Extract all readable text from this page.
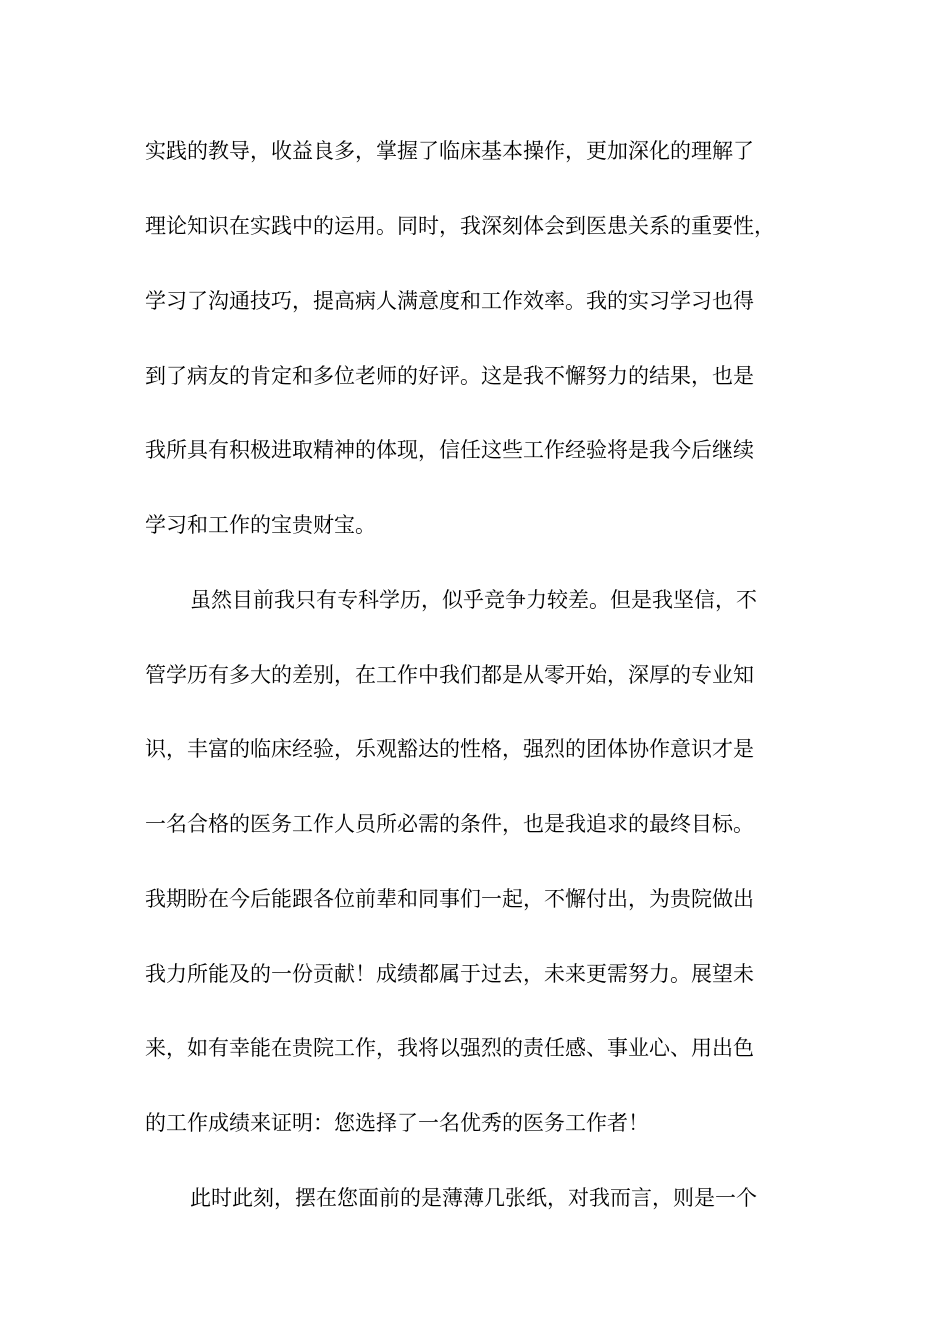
实践的教导，收益良多，掌握了临床基本操作，更加深化的理解了
理论知识在实践中的运用。同时，我深刻体会到医患关系的重要性，
学习了沟通技巧，提高病人满意度和工作效率。我的实习学习也得
到了病友的肯定和多位老师的好评。这是我不懈努力的结果，也是
我所具有积极进取精神的体现，信任这些工作经验将是我今后继续
学习和工作的宝贵财宝。
虽然目前我只有专科学历，似乎竞争力较差。但是我坚信，不
管学历有多大的差别，在工作中我们都是从零开始，深厚的专业知
识，丰富的临床经验，乐观豁达的性格，强烈的团体协作意识才是
一名合格的医务工作人员所必需的条件，也是我追求的最终目标。
我期盼在今后能跟各位前辈和同事们一起，不懈付出，为贵院做出
我力所能及的一份贡献！成绩都属于过去，未来更需努力。展望未
来，如有幸能在贵院工作，我将以强烈的责任感、事业心、用出色
的工作成绩来证明：您选择了一名优秀的医务工作者！
此时此刻，摆在您面前的是薄薄几张纸，对我而言，则是一个
